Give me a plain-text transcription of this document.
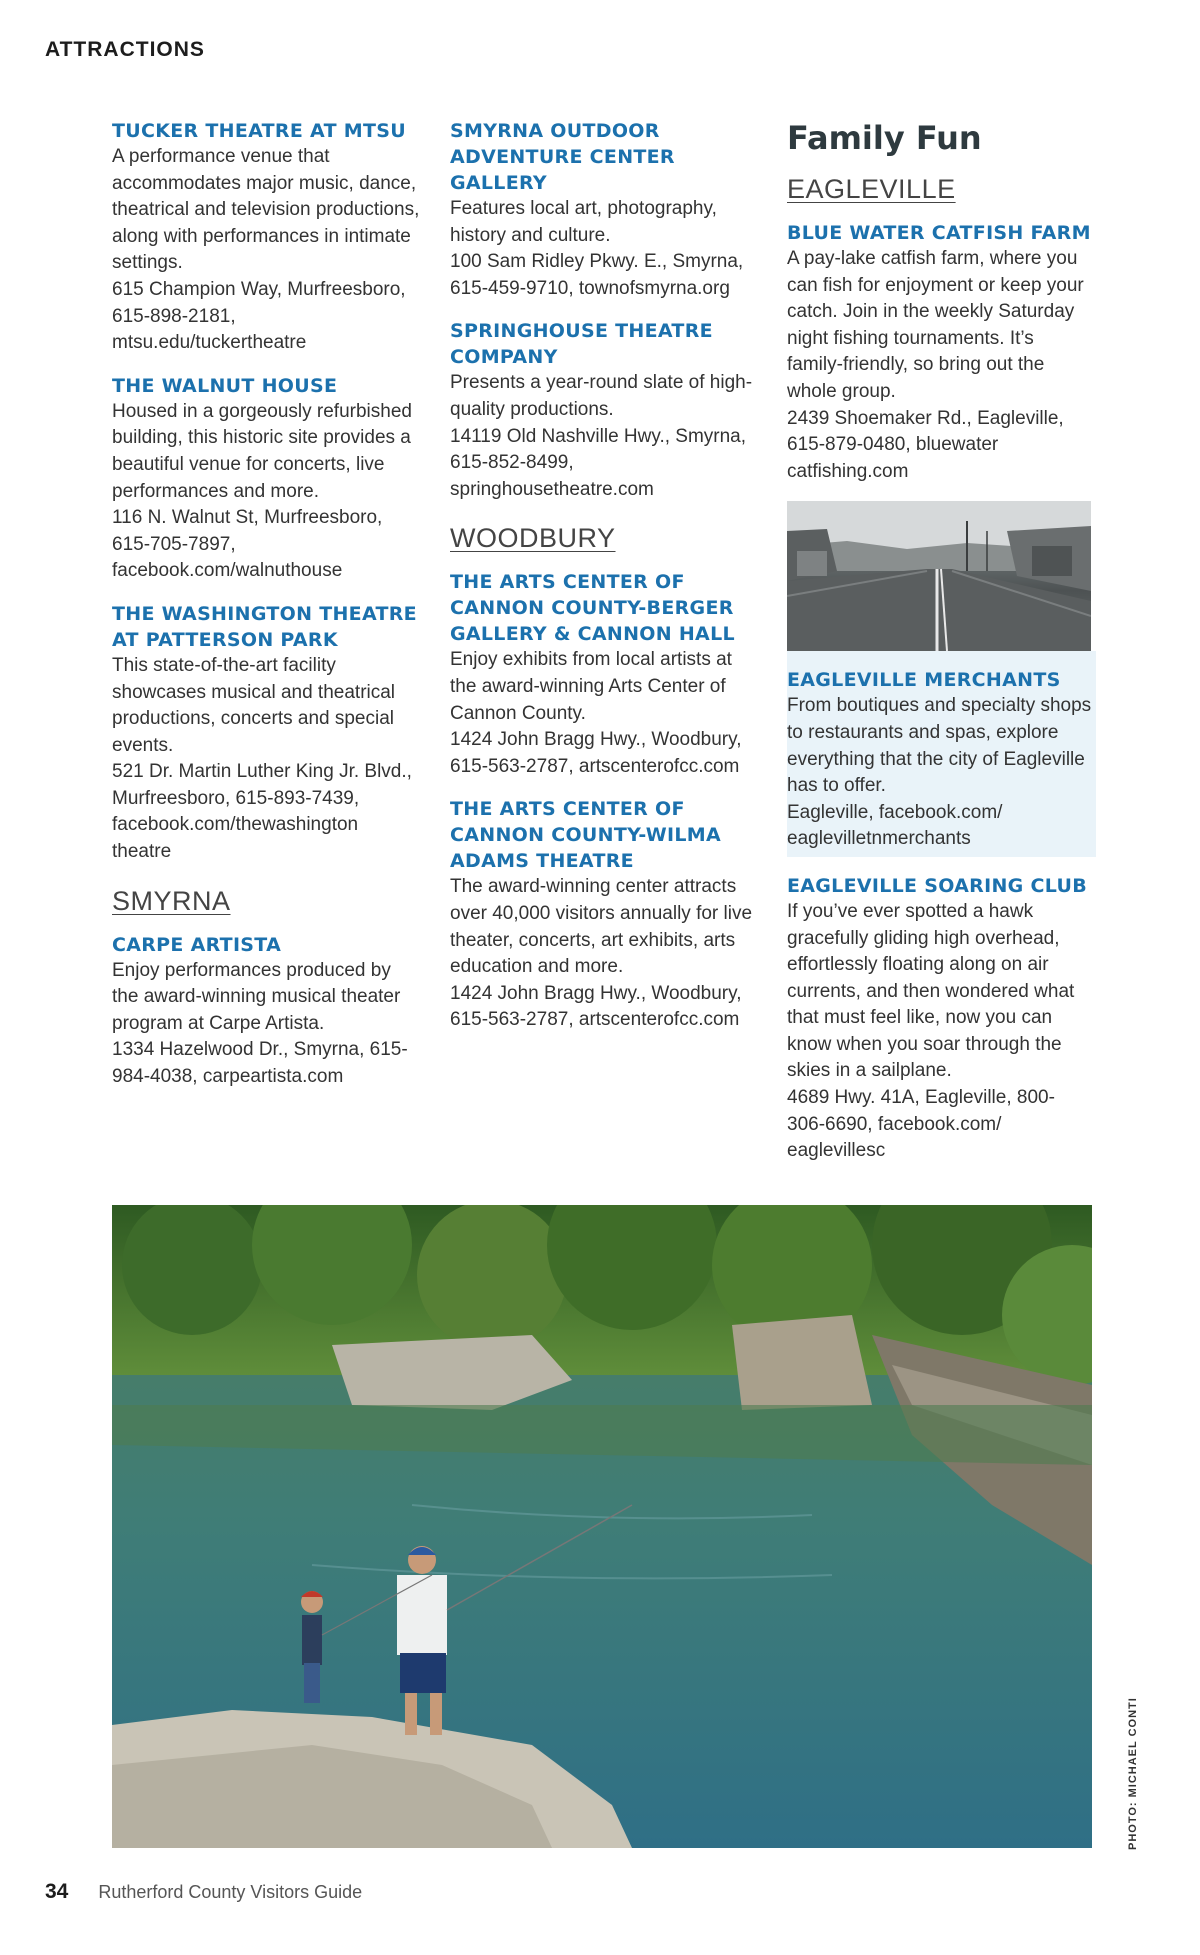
ATTRACTIONS
TUCKER THEATRE AT MTSU

A performance venue that accommodates major music, dance, theatrical and television productions, along with performances in intimate settings.

615 Champion Way, Murfreesboro, 615-898-2181, mtsu.edu/tuckertheatre

THE WALNUT HOUSE

Housed in a gorgeously refurbished building, this historic site provides a beautiful venue for concerts, live performances and more.

116 N. Walnut St, Murfreesboro, 615-705-7897, facebook.com/walnuthouse

THE WASHINGTON THEATRE AT PATTERSON PARK

This state-of-the-art facility showcases musical and theatrical productions, concerts and special events.

521 Dr. Martin Luther King Jr. Blvd., Murfreesboro, 615-893-7439, facebook.com/thewashington theatre

SMYRNA
CARPE ARTISTA

Enjoy performances produced by the award-winning musical theater program at Carpe Artista.

1334 Hazelwood Dr., Smyrna, 615-984-4038, carpeartista.com

SMYRNA OUTDOOR ADVENTURE CENTER GALLERY

Features local art, photography, history and culture.

100 Sam Ridley Pkwy. E., Smyrna, 615-459-9710, townofsmyrna.org

SPRINGHOUSE THEATRE COMPANY

Presents a year-round slate of high-quality productions.

14119 Old Nashville Hwy., Smyrna, 615-852-8499, springhousetheatre.com

WOODBURY
THE ARTS CENTER OF CANNON COUNTY-BERGER GALLERY & CANNON HALL

Enjoy exhibits from local artists at the award-winning Arts Center of Cannon County.

1424 John Bragg Hwy., Woodbury, 615-563-2787, artscenterofcc.com

THE ARTS CENTER OF CANNON COUNTY-WILMA ADAMS THEATRE

The award-winning center attracts over 40,000 visitors annually for live theater, concerts, art exhibits, arts education and more.

1424 John Bragg Hwy., Woodbury, 615-563-2787, artscenterofcc.com

Family Fun
EAGLEVILLE
BLUE WATER CATFISH FARM

A pay-lake catfish farm, where you can fish for enjoyment or keep your catch. Join in the weekly Saturday night fishing tournaments. It’s family-friendly, so bring out the whole group.

2439 Shoemaker Rd., Eagleville, 615-879-0480, bluewater catfishing.com

EAGLEVILLE MERCHANTS

From boutiques and specialty shops to restaurants and spas, explore everything that the city of Eagleville has to offer.

Eagleville, facebook.com/ eaglevilletnmerchants

EAGLEVILLE SOARING CLUB

If you’ve ever spotted a hawk gracefully gliding high overhead, effortlessly floating along on air currents, and then wondered what that must feel like, now you can know when you soar through the skies in a sailplane.

4689 Hwy. 41A, Eagleville, 800-306-6690, facebook.com/ eaglevillesc

PHOTO: MICHAEL CONTI
34 Rutherford County Visitors Guide
